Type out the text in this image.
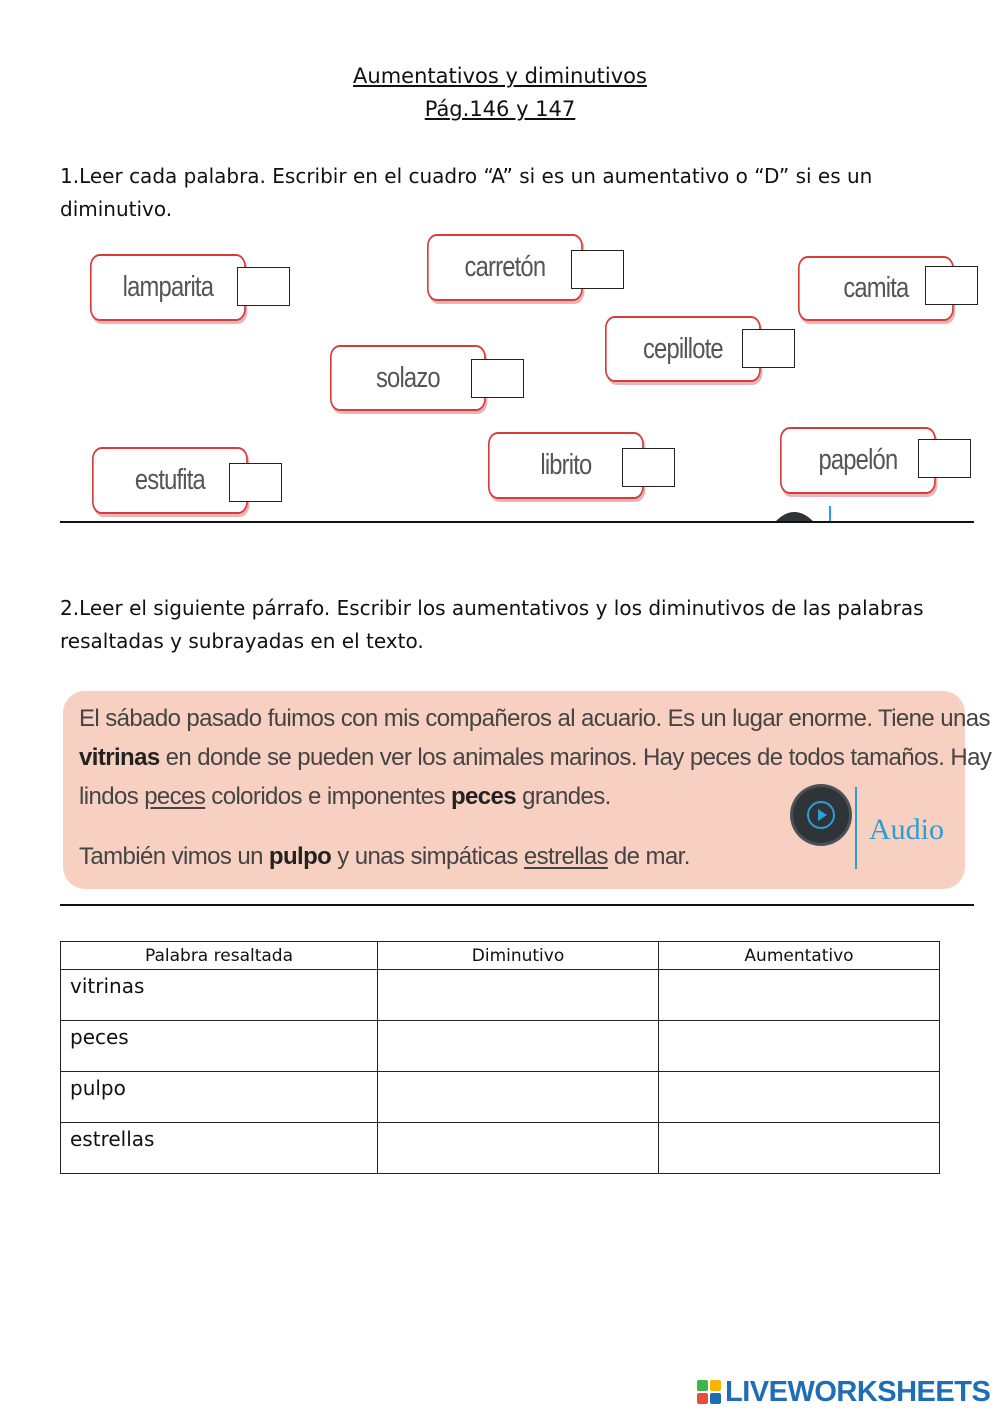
Aumentativos y diminutivos
Pág.146 y 147
1.Leer cada palabra. Escribir en el cuadro “A” si es un aumentativo o “D” si es un diminutivo.
lamparita
carretón
camita
cepillote
solazo
estufita	librito	papelón
2.Leer el siguiente párrafo. Escribir los aumentativos y los diminutivos de las palabras resaltadas y subrayadas en el texto.

El sábado pasado fuimos con mis compañeros al acuario. Es un lugar enorme. Tiene unas

vitrinas en donde se pueden ver los animales marinos. Hay peces de todos tamaños. Hay

lindos peces coloridos e imponentes peces grandes.

También vimos un pulpo y unas simpáticas estrellas de mar.

Audio
Palabra resaltada	Diminutivo	Aumentativo
vitrinas		
peces		
pulpo		
estrellas		
LIVEWORKSHEETS
